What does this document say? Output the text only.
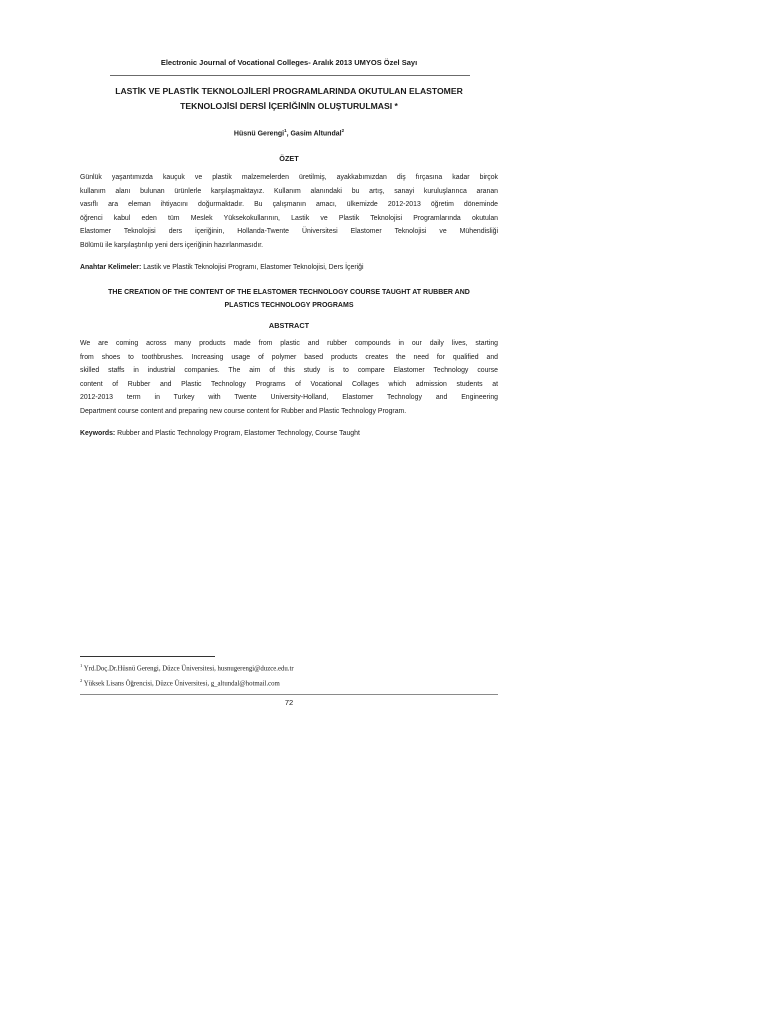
Electronic Journal of Vocational Colleges- Aralık 2013 UMYOS Özel Sayı
LASTİK VE PLASTİK TEKNOLOJİLERİ PROGRAMLARINDA OKUTULAN ELASTOMER
TEKNOLOJİSİ DERSİ İÇERİĞİNİN OLUŞTURULMASI *
Hüsnü Gerengi$^1$, Gasim Altundal$^2$
ÖZET
Günlük yaşantımızda kauçuk ve plastik malzemelerden üretilmiş, ayakkabımızdan diş fırçasına kadar birçok
kullanım alanı bulunan ürünlerle karşılaşmaktayız. Kullanım alanındaki bu artış, sanayi kuruluşlarınca aranan
vasıflı ara eleman ihtiyacını doğurmaktadır. Bu çalışmanın amacı, ülkemizde 2012-2013 öğretim döneminde
öğrenci kabul eden tüm Meslek Yüksekokullarının, Lastik ve Plastik Teknolojisi Programlarında okutulan
Elastomer Teknolojisi ders içeriğinin, Hollanda-Twente Üniversitesi Elastomer Teknolojisi ve Mühendisliği
Bölümü ile karşılaştırılıp yeni ders içeriğinin hazırlanmasıdır.
Anahtar Kelimeler: Lastik ve Plastik Teknolojisi Programı, Elastomer Teknolojisi, Ders İçeriği
THE CREATION OF THE CONTENT OF THE ELASTOMER TECHNOLOGY COURSE TAUGHT AT RUBBER AND
PLASTICS TECHNOLOGY PROGRAMS
ABSTRACT
We are coming across many products made from plastic and rubber compounds in our daily lives, starting
from shoes to toothbrushes. Increasing usage of polymer based products creates the need for qualified and
skilled staffs in industrial companies. The aim of this study is to compare Elastomer Technology course
content of Rubber and Plastic Technology Programs of Vocational Collages which admission students at
2012-2013 term in Turkey with Twente University-Holland, Elastomer Technology and Engineering
Department course content and preparing new course content for Rubber and Plastic Technology Program.
Keywords: Rubber and Plastic Technology Program, Elastomer Technology, Course Taught
$^1$ Yrd.Doç.Dr.Hüsnü Gerengi, Düzce Üniversitesi, husnugerengi@duzce.edu.tr
$^2$ Yüksek Lisans Öğrencisi, Düzce Üniversitesi, g_altundal@hotmail.com
72
